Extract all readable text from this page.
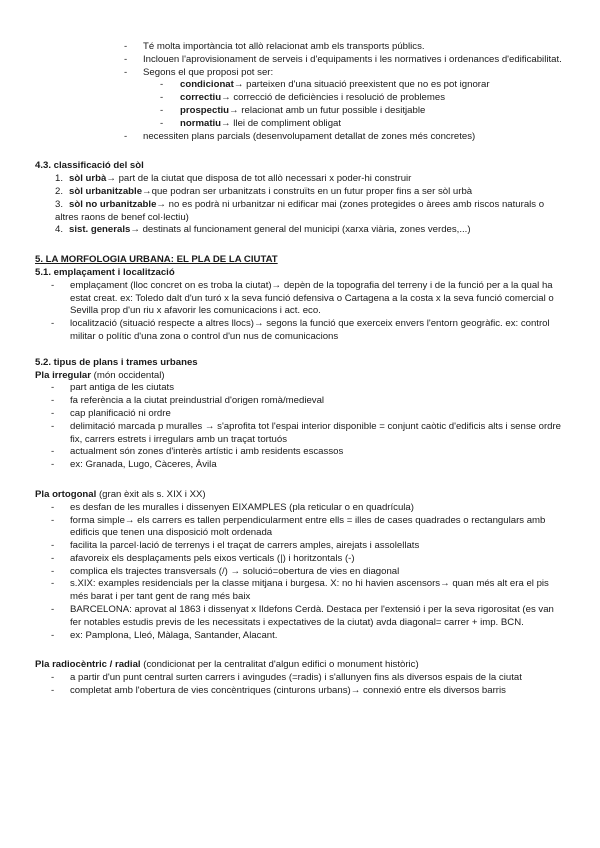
- Té molta importància tot allò relacionat amb els transports públics.
- Inclouen l'aprovisionament de serveis i d'equipaments i les normatives i ordenances d'edificabilitat.
- Segons el que proposi pot ser:
- condicionat→ parteixen d'una situació preexistent que no es pot ignorar
- correctiu→ correcció de deficiències i resolució de problemes
- prospectiu→ relacionat amb un futur possible i desitjable
- normatiu→ llei de compliment obligat
- necessiten plans parcials (desenvolupament detallat de zones més concretes)
4.3. classificació del sòl
1. sòl urbà→ part de la ciutat que disposa de tot allò necessari x poder-hi construir
2. sòl urbanitzable→que podran ser urbanitzats i construïts en un futur proper fins a ser sòl urbà
3. sòl no urbanitzable→ no es podrà ni urbanitzar ni edificar mai (zones protegides o àrees amb riscos naturals o altres raons de benef col·lectiu)
4. sist. generals→ destinats al funcionament general del municipi (xarxa viària, zones verdes,...)
5. LA MORFOLOGIA URBANA: EL PLA DE LA CIUTAT
5.1. emplaçament i localització
- emplaçament (lloc concret on es troba la ciutat)→ depèn de la topografia del terreny i de la funció per a la qual ha estat creat. ex: Toledo dalt d'un turó x la seva funció defensiva o Cartagena a la costa x la seva funció comercial o Sevilla prop d'un riu x afavorir les comunicacions i act. eco.
- localització (situació respecte a altres llocs)→ segons la funció que exerceix envers l'entorn geogràfic. ex: control militar o polític d'una zona o control d'un nus de comunicacions
5.2. tipus de plans i trames urbanes
Pla irregular (món occidental)
- part antiga de les ciutats
- fa referència a la ciutat preindustrial d'origen romà/medieval
- cap planificació ni ordre
- delimitació marcada p muralles → s'aprofita tot l'espai interior disponible = conjunt caòtic d'edificis alts i sense ordre fix, carrers estrets i irregulars amb un traçat tortuós
- actualment són zones d'interès artístic i amb residents escassos
- ex: Granada, Lugo, Càceres, Àvila
Pla ortogonal (gran èxit als s. XIX i XX)
- es desfan de les muralles i dissenyen EIXAMPLES (pla reticular o en quadrícula)
- forma simple→ els carrers es tallen perpendicularment entre ells = illes de cases quadrades o rectangulars amb edificis que tenen una disposició molt ordenada
- facilita la parcel·lació de terrenys i el traçat de carrers amples, airejats i assolellats
- afavoreix els desplaçaments pels eixos verticals (|) i horitzontals (-)
- complica els trajectes transversals (/) → solució=obertura de vies en diagonal
- s.XIX: examples residencials per la classe mitjana i burgesa. X: no hi havien ascensors→ quan més alt era el pis més barat i per tant gent de rang més baix
- BARCELONA: aprovat al 1863 i dissenyat x Ildefons Cerdà. Destaca per l'extensió i per la seva rigorositat (es van fer notables estudis previs de les necessitats i expectatives de la ciutat) avda diagonal= carrer + imp. BCN.
- ex: Pamplona, Lleó, Màlaga, Santander, Alacant.
Pla radiocèntric / radial (condicionat per la centralitat d'algun edifici o monument històric)
- a partir d'un punt central surten carrers i avingudes (=radis) i s'allunyen fins als diversos espais de la ciutat
- completat amb l'obertura de vies concèntriques (cinturons urbans)→ connexió entre els diversos barris
